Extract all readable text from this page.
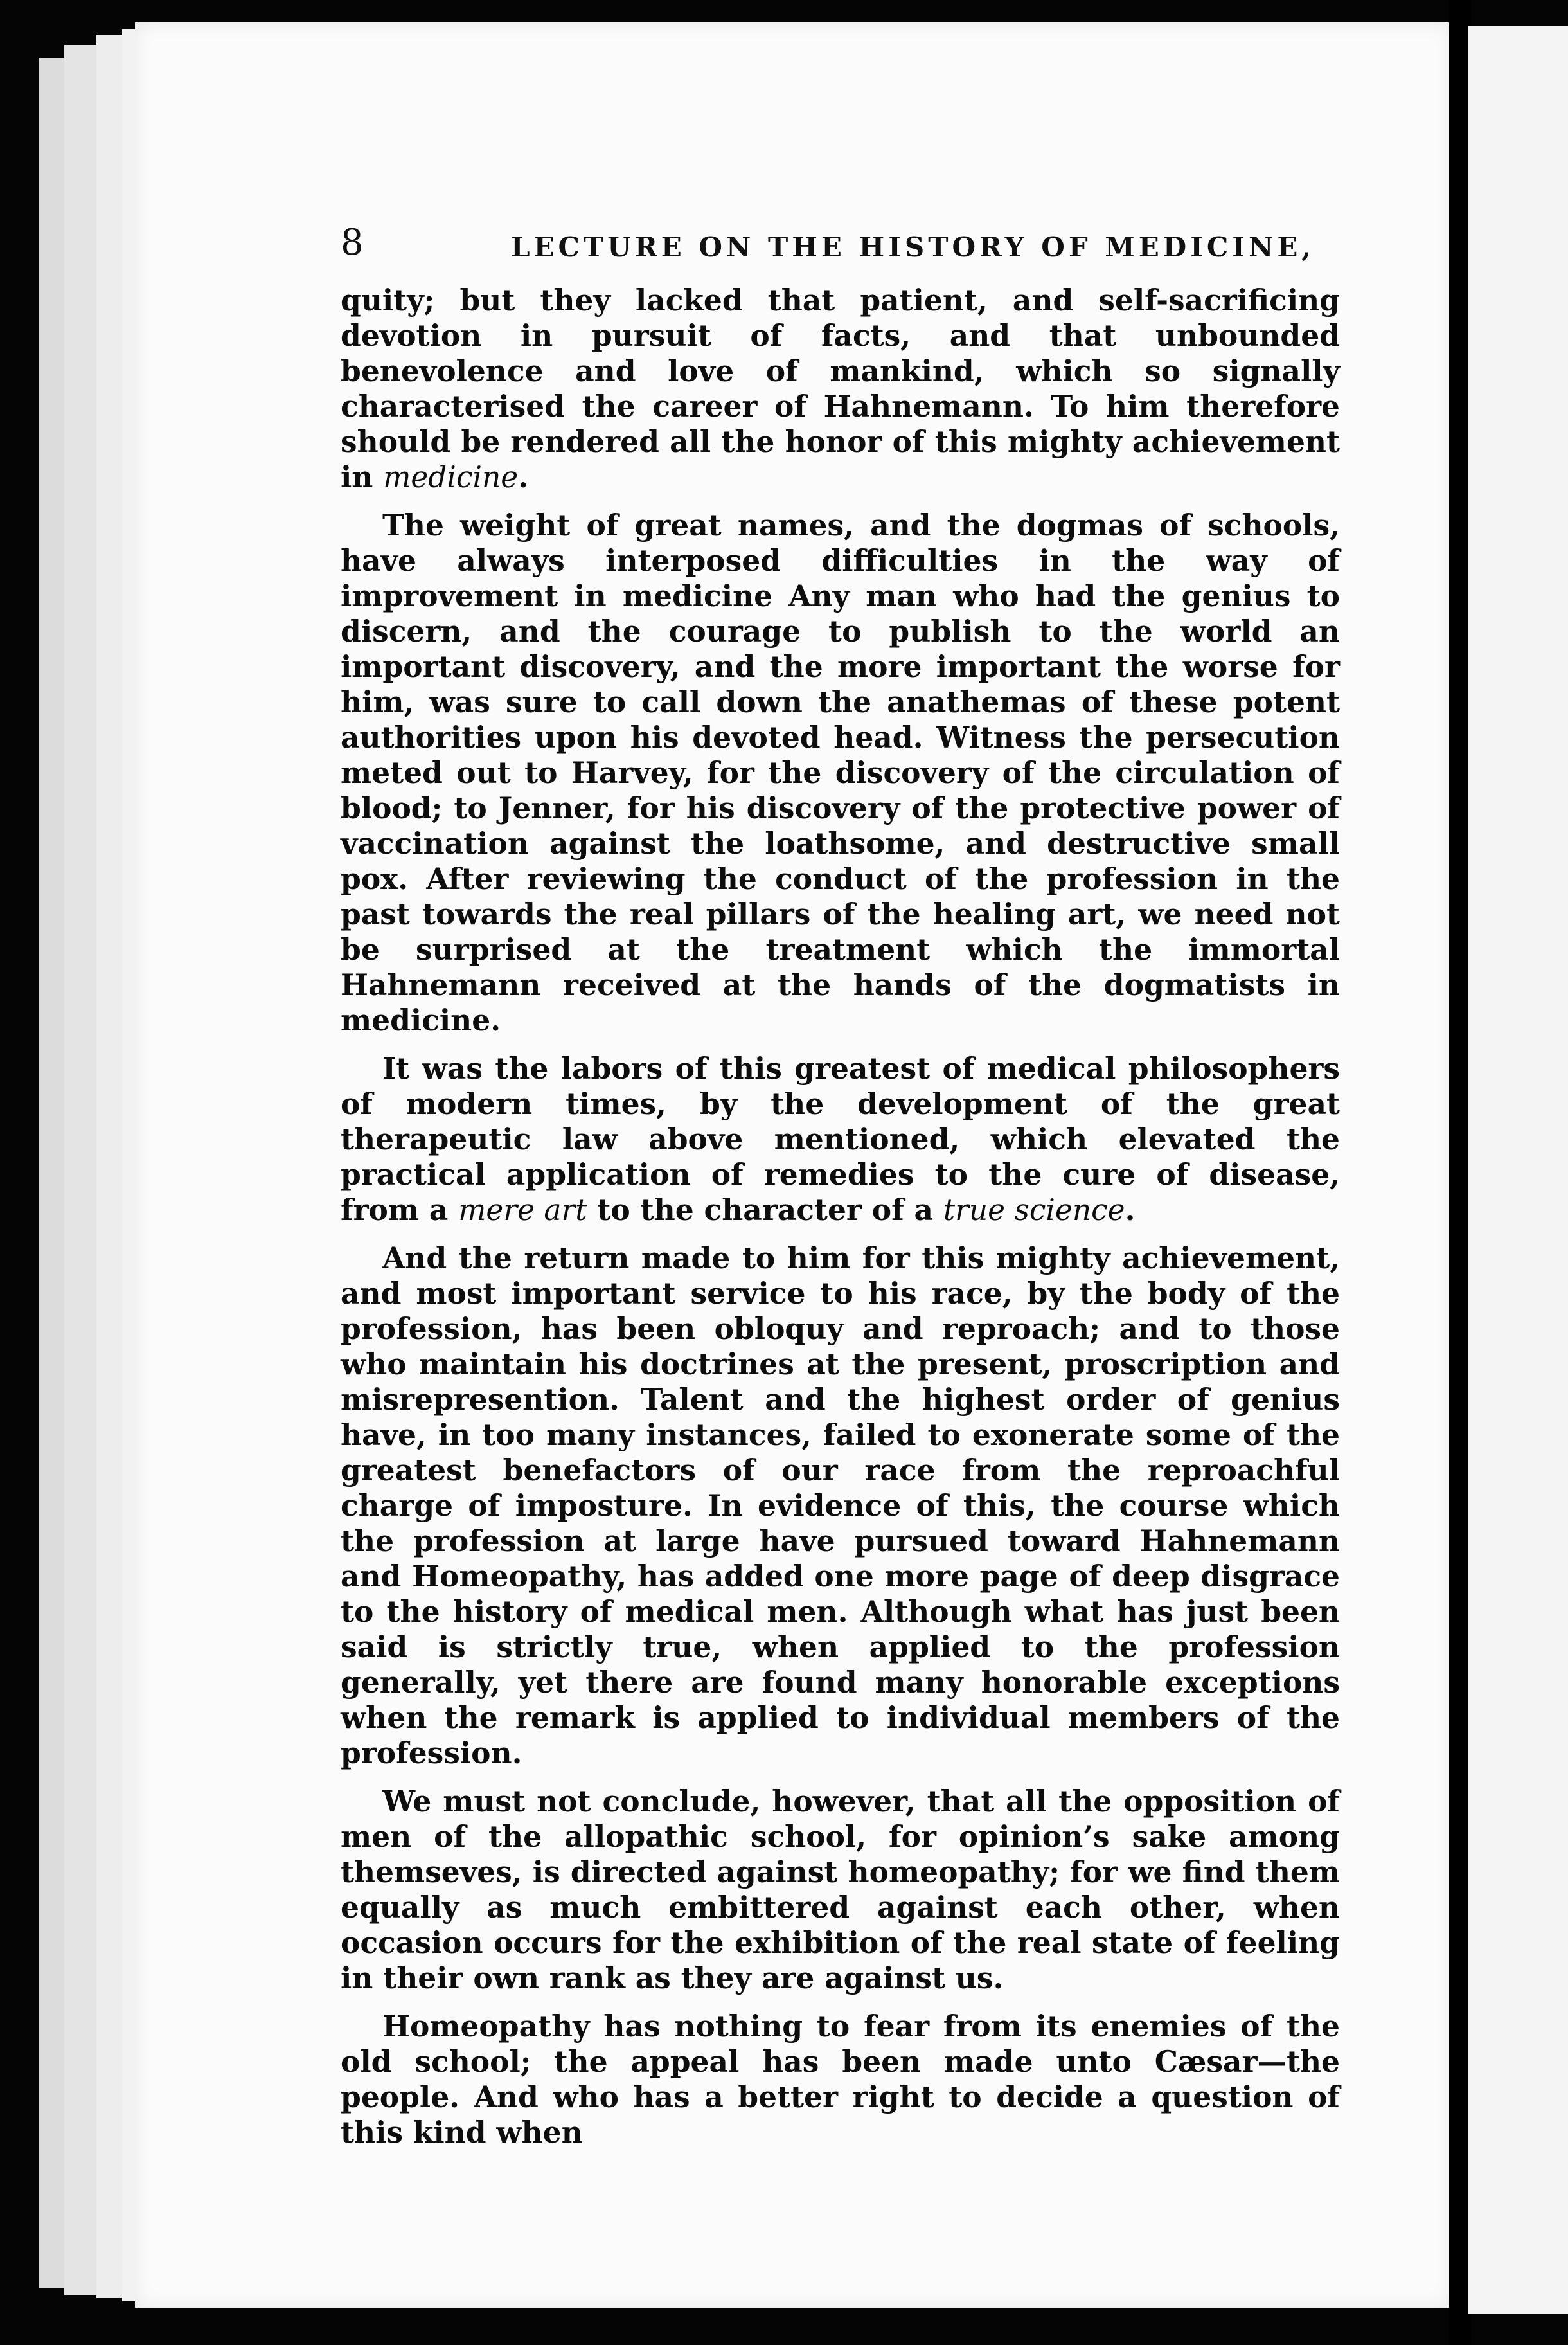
8	LECTURE ON THE HISTORY OF MEDICINE,

quity; but they lacked that patient, and self-sacrificing devotion in pursuit of facts, and that unbounded benevolence and love of mankind, which so signally characterised the career of Hahnemann. To him therefore should be rendered all the honor of this mighty achievement in medicine.

The weight of great names, and the dogmas of schools, have always interposed difficulties in the way of improvement in medicine Any man who had the genius to discern, and the courage to publish to the world an important discovery, and the more important the worse for him, was sure to call down the anathemas of these potent authorities upon his devoted head. Witness the persecution meted out to Harvey, for the discovery of the circulation of blood; to Jenner, for his discovery of the protective power of vaccination against the loathsome, and destructive small pox. After reviewing the conduct of the profession in the past towards the real pillars of the healing art, we need not be surprised at the treatment which the immortal Hahnemann received at the hands of the dogmatists in medicine.

It was the labors of this greatest of medical philosophers of modern times, by the development of the great therapeutic law above mentioned, which elevated the practical application of remedies to the cure of disease, from a mere art to the character of a true science.

And the return made to him for this mighty achievement, and most important service to his race, by the body of the profession, has been obloquy and reproach; and to those who maintain his doctrines at the present, proscription and misrepresention. Talent and the highest order of genius have, in too many instances, failed to exonerate some of the greatest benefactors of our race from the reproachful charge of imposture. In evidence of this, the course which the profession at large have pursued toward Hahnemann and Homeopathy, has added one more page of deep disgrace to the history of medical men. Although what has just been said is strictly true, when applied to the profession generally, yet there are found many honorable exceptions when the remark is applied to individual members of the profession.

We must not conclude, however, that all the opposition of men of the allopathic school, for opinion’s sake among themseves, is directed against homeopathy; for we find them equally as much embittered against each other, when occasion occurs for the exhibition of the real state of feeling in their own rank as they are against us.

Homeopathy has nothing to fear from its enemies of the old school; the appeal has been made unto Cæsar—the people. And who has a better right to decide a question of this kind when
